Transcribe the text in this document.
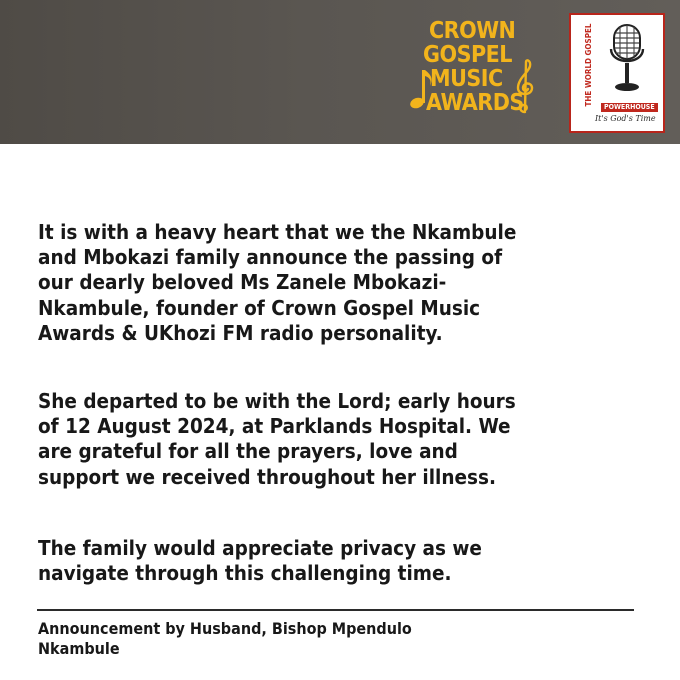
CROWN
GOSPEL
MUSIC
AWARDS	THE WORLD GOSPEL
POWERHOUSE
It's God's Time

It is with a heavy heart that we the Nkambule
and Mbokazi family announce the passing of
our dearly beloved Ms Zanele Mbokazi-
Nkambule, founder of Crown Gospel Music
Awards & UKhozi FM radio personality.

She departed to be with the Lord; early hours
of 12 August 2024, at Parklands Hospital. We
are grateful for all the prayers, love and
support we received throughout her illness.

The family would appreciate privacy as we
navigate through this challenging time.

Announcement by Husband, Bishop Mpendulo
Nkambule
